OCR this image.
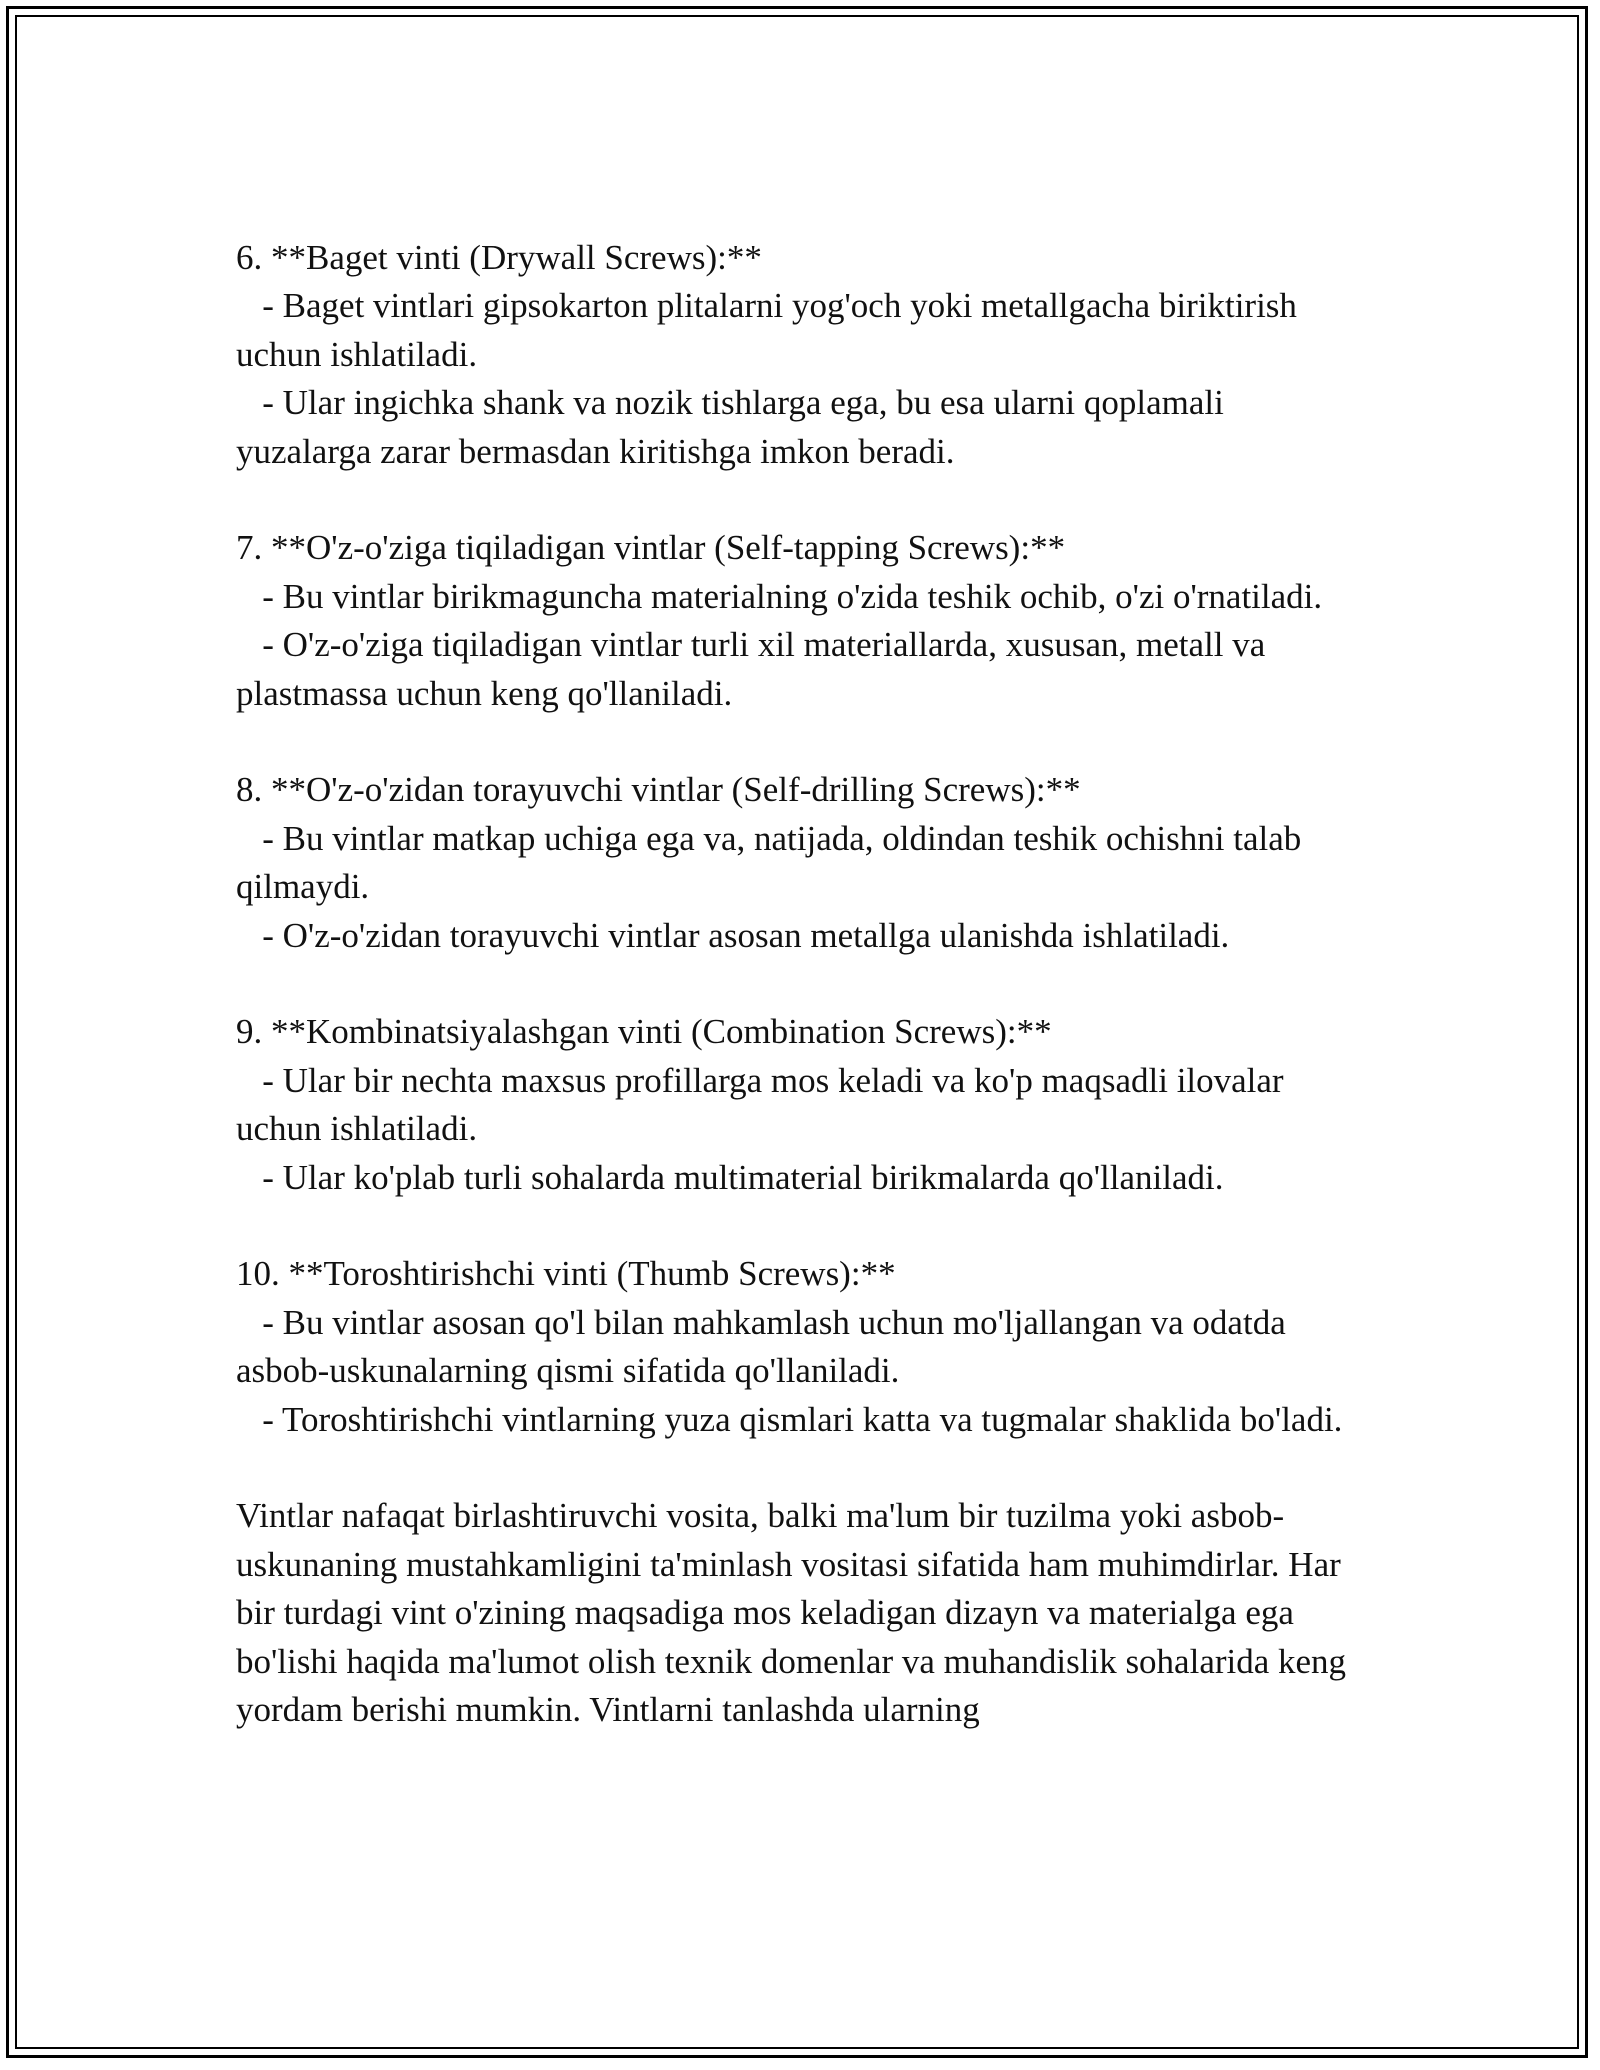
6. **Baget vinti (Drywall Screws):**

- Baget vintlari gipsokarton plitalarni yog'och yoki metallgacha biriktirish uchun ishlatiladi.

- Ular ingichka shank va nozik tishlarga ega, bu esa ularni qoplamali yuzalarga zarar bermasdan kiritishga imkon beradi.

7. **O'z-o'ziga tiqiladigan vintlar (Self-tapping Screws):**

- Bu vintlar birikmaguncha materialning o'zida teshik ochib, o'zi o'rnatiladi.

- O'z-o'ziga tiqiladigan vintlar turli xil materiallarda, xususan, metall va plastmassa uchun keng qo'llaniladi.

8. **O'z-o'zidan torayuvchi vintlar (Self-drilling Screws):**

- Bu vintlar matkap uchiga ega va, natijada, oldindan teshik ochishni talab qilmaydi.

- O'z-o'zidan torayuvchi vintlar asosan metallga ulanishda ishlatiladi.

9. **Kombinatsiyalashgan vinti (Combination Screws):**

- Ular bir nechta maxsus profillarga mos keladi va ko'p maqsadli ilovalar uchun ishlatiladi.

- Ular ko'plab turli sohalarda multimaterial birikmalarda qo'llaniladi.

10. **Toroshtirishchi vinti (Thumb Screws):**

- Bu vintlar asosan qo'l bilan mahkamlash uchun mo'ljallangan va odatda asbob-uskunalarning qismi sifatida qo'llaniladi.

- Toroshtirishchi vintlarning yuza qismlari katta va tugmalar shaklida bo'ladi.

Vintlar nafaqat birlashtiruvchi vosita, balki ma'lum bir tuzilma yoki asbob-uskunaning mustahkamligini ta'minlash vositasi sifatida ham muhimdirlar. Har bir turdagi vint o'zining maqsadiga mos keladigan dizayn va materialga ega bo'lishi haqida ma'lumot olish texnik domenlar va muhandislik sohalarida keng yordam berishi mumkin. Vintlarni tanlashda ularning
